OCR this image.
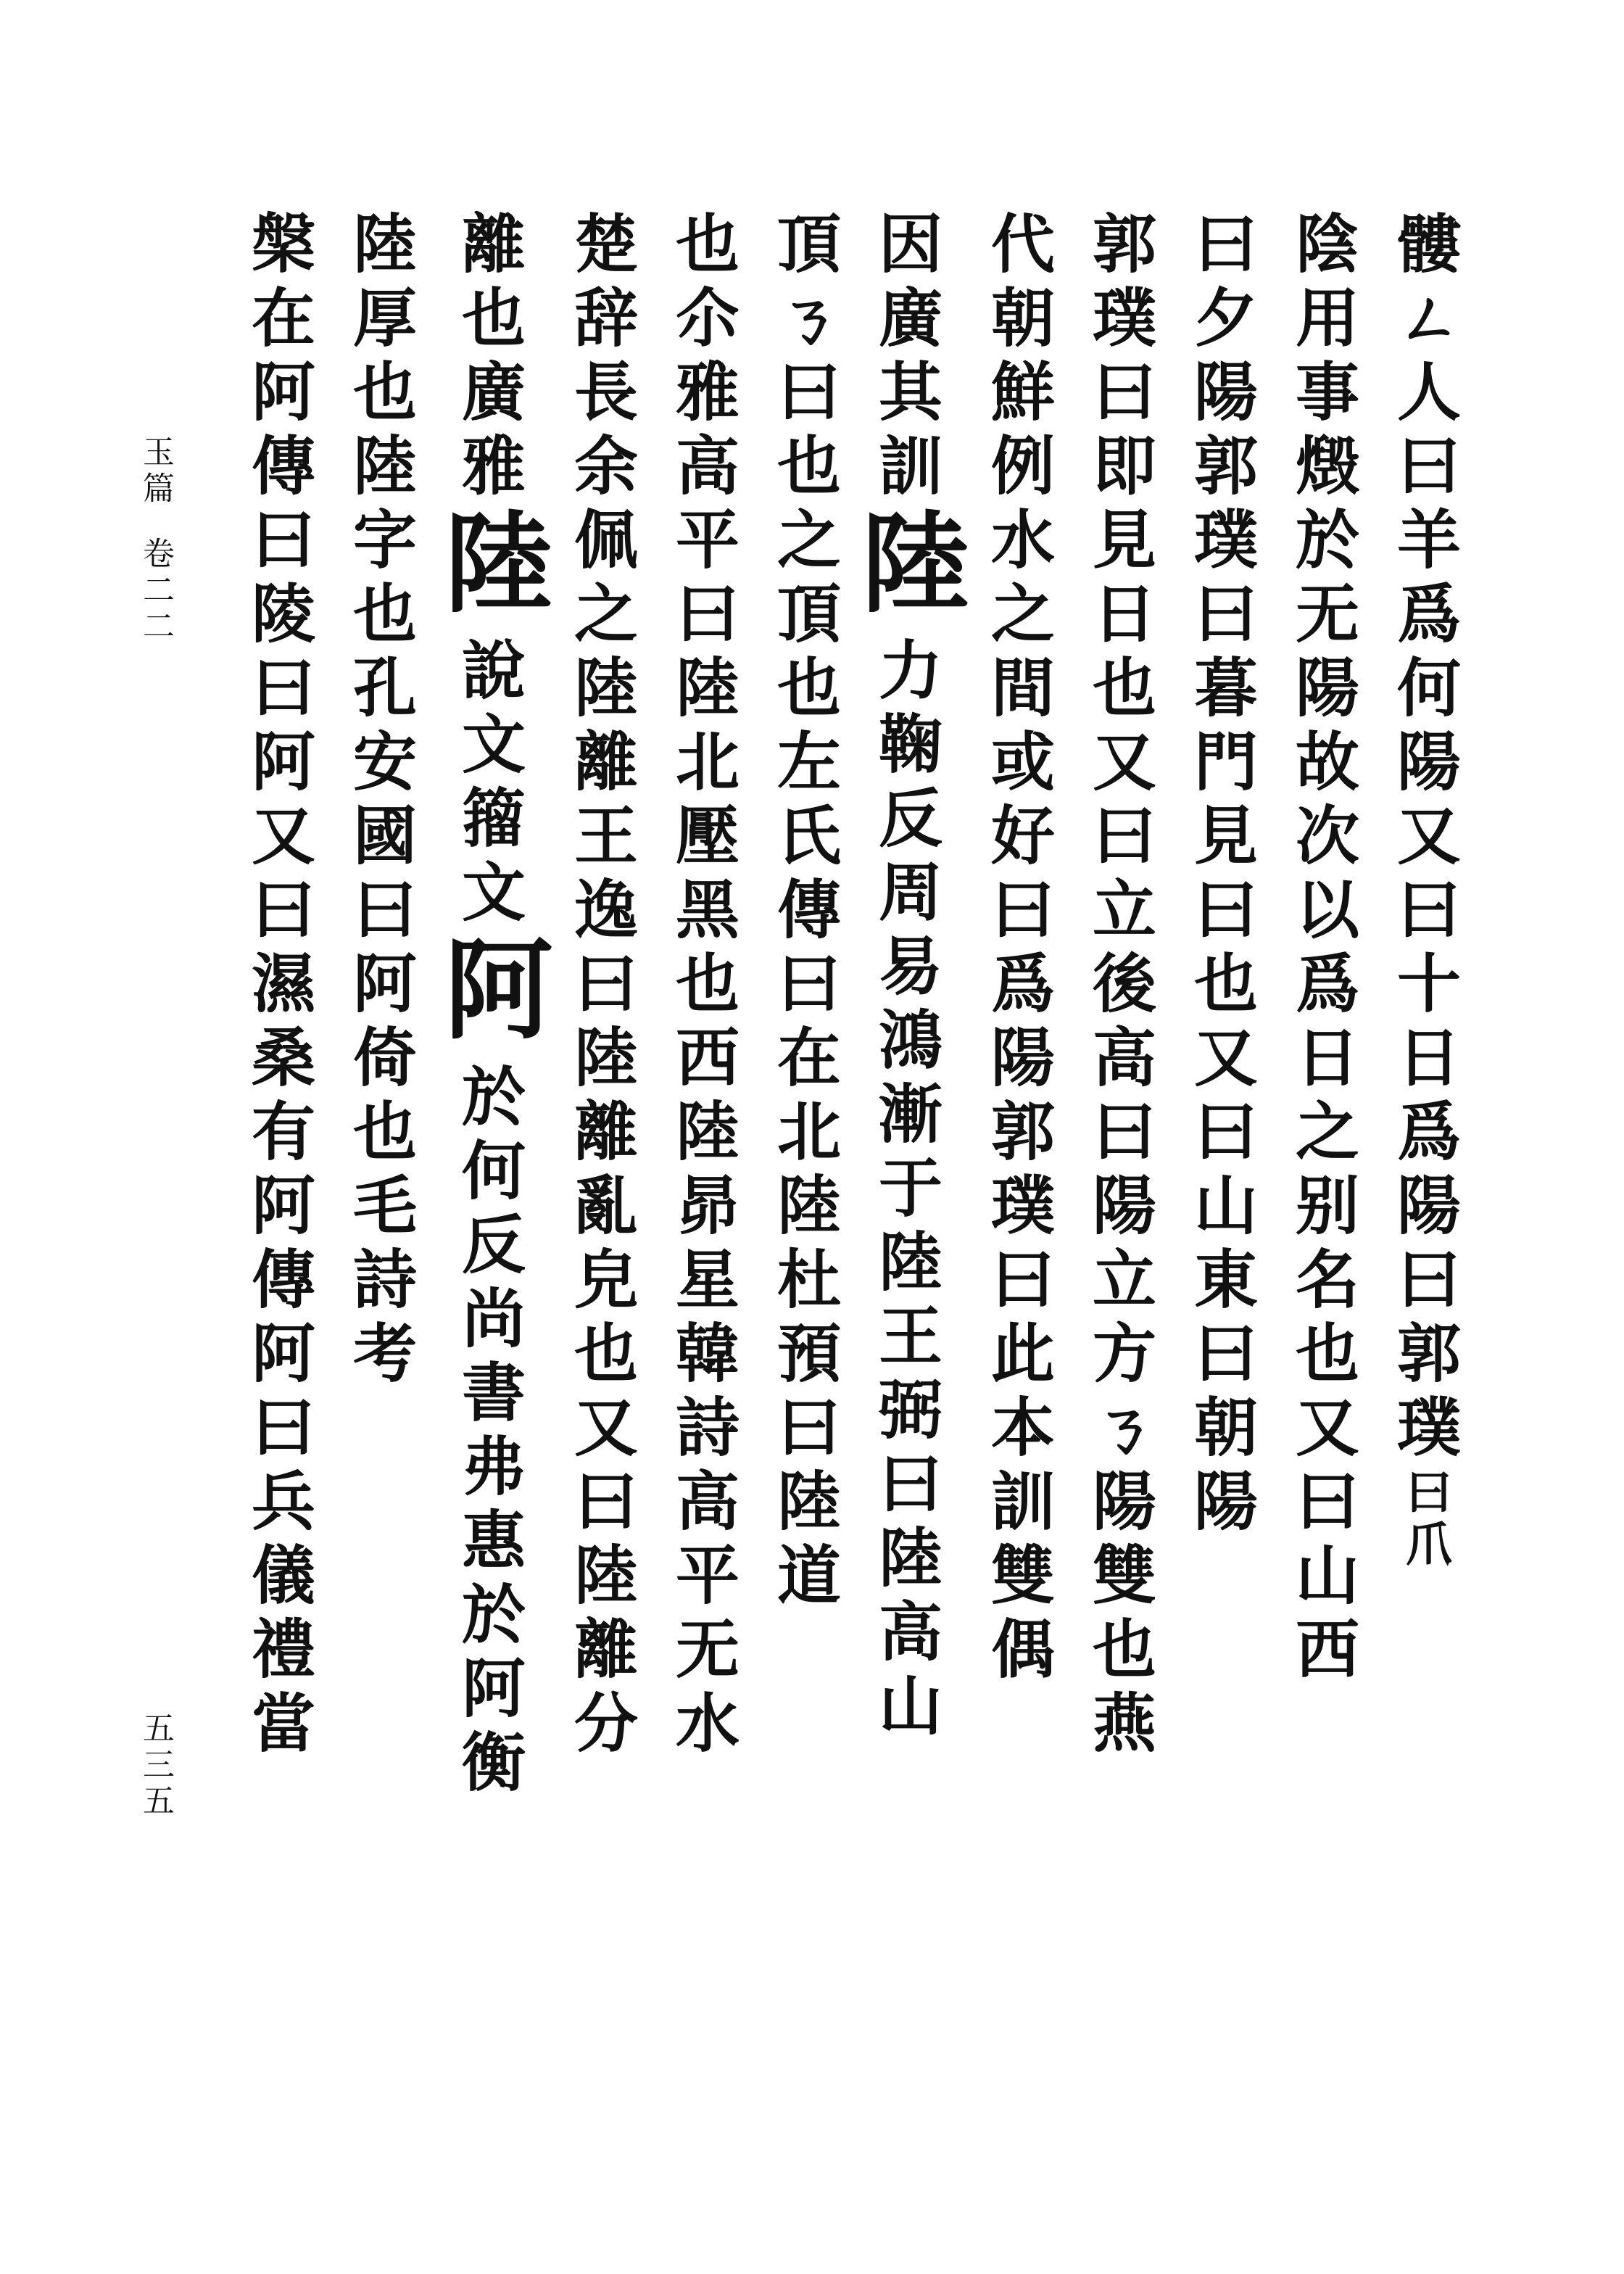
玉篇卷二二
五三五
髏ㄥ人曰羊爲何陽又曰十日爲陽曰郭璞曰爪
陰用事燬於无陽故次以爲日之别名也又曰山西
曰夕陽郭璞曰暮門見曰也又曰山東曰朝陽
郭璞曰即見日也又曰立後高曰陽立方ㄋ陽雙也燕
代朝鮮例水之間或好曰爲陽郭璞曰此本訓雙偶
因廣其訓陸力鞠反周易鴻漸于陸王弼曰陸高山
頂ㄋ曰也之頂也左氏傳曰在北陸杜預曰陸道
也尒雅高平曰陸北壓黑也西陸昴星韓詩高平无水
楚辞長余佩之陸離王逸曰陸離亂皃也又曰陸離分
離也廣雅陸說文籀文阿於何反尚書弗惠於阿衡
陸厚也陸字也孔安國曰阿倚也毛詩考
槃在阿傳曰陵曰阿又曰濕桑有阿傳阿曰兵儀禮當
